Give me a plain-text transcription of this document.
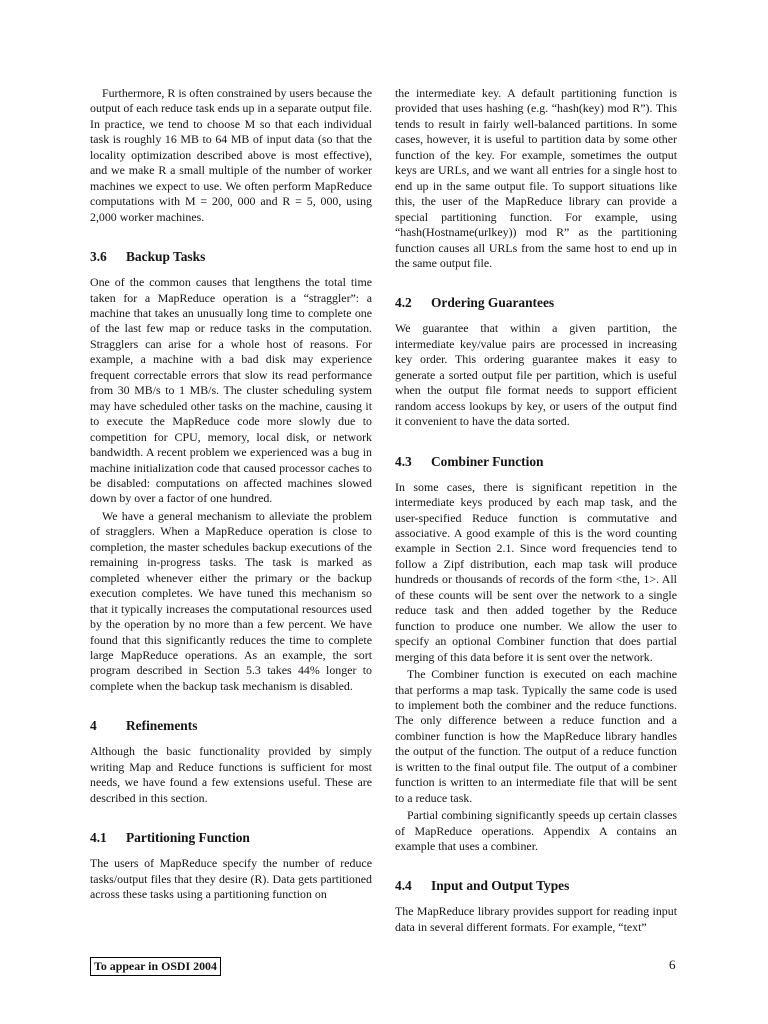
Furthermore, R is often constrained by users because the output of each reduce task ends up in a separate output file. In practice, we tend to choose M so that each individual task is roughly 16 MB to 64 MB of input data (so that the locality optimization described above is most effective), and we make R a small multiple of the number of worker machines we expect to use. We often perform MapReduce computations with M = 200, 000 and R = 5, 000, using 2,000 worker machines.

3.6 Backup Tasks

One of the common causes that lengthens the total time taken for a MapReduce operation is a “straggler”: a machine that takes an unusually long time to complete one of the last few map or reduce tasks in the computation. Stragglers can arise for a whole host of reasons. For example, a machine with a bad disk may experience frequent correctable errors that slow its read performance from 30 MB/s to 1 MB/s. The cluster scheduling system may have scheduled other tasks on the machine, causing it to execute the MapReduce code more slowly due to competition for CPU, memory, local disk, or network bandwidth. A recent problem we experienced was a bug in machine initialization code that caused processor caches to be disabled: computations on affected machines slowed down by over a factor of one hundred.

We have a general mechanism to alleviate the problem of stragglers. When a MapReduce operation is close to completion, the master schedules backup executions of the remaining in-progress tasks. The task is marked as completed whenever either the primary or the backup execution completes. We have tuned this mechanism so that it typically increases the computational resources used by the operation by no more than a few percent. We have found that this significantly reduces the time to complete large MapReduce operations. As an example, the sort program described in Section 5.3 takes 44% longer to complete when the backup task mechanism is disabled.

4 Refinements

Although the basic functionality provided by simply writing Map and Reduce functions is sufficient for most needs, we have found a few extensions useful. These are described in this section.

4.1 Partitioning Function

The users of MapReduce specify the number of reduce tasks/output files that they desire (R). Data gets partitioned across these tasks using a partitioning function on

the intermediate key. A default partitioning function is provided that uses hashing (e.g. “hash(key) mod R”). This tends to result in fairly well-balanced partitions. In some cases, however, it is useful to partition data by some other function of the key. For example, sometimes the output keys are URLs, and we want all entries for a single host to end up in the same output file. To support situations like this, the user of the MapReduce library can provide a special partitioning function. For example, using “hash(Hostname(urlkey)) mod R” as the partitioning function causes all URLs from the same host to end up in the same output file.

4.2 Ordering Guarantees

We guarantee that within a given partition, the intermediate key/value pairs are processed in increasing key order. This ordering guarantee makes it easy to generate a sorted output file per partition, which is useful when the output file format needs to support efficient random access lookups by key, or users of the output find it convenient to have the data sorted.

4.3 Combiner Function

In some cases, there is significant repetition in the intermediate keys produced by each map task, and the user-specified Reduce function is commutative and associative. A good example of this is the word counting example in Section 2.1. Since word frequencies tend to follow a Zipf distribution, each map task will produce hundreds or thousands of records of the form <the, 1>. All of these counts will be sent over the network to a single reduce task and then added together by the Reduce function to produce one number. We allow the user to specify an optional Combiner function that does partial merging of this data before it is sent over the network.

The Combiner function is executed on each machine that performs a map task. Typically the same code is used to implement both the combiner and the reduce functions. The only difference between a reduce function and a combiner function is how the MapReduce library handles the output of the function. The output of a reduce function is written to the final output file. The output of a combiner function is written to an intermediate file that will be sent to a reduce task.

Partial combining significantly speeds up certain classes of MapReduce operations. Appendix A contains an example that uses a combiner.

4.4 Input and Output Types

The MapReduce library provides support for reading input data in several different formats. For example, “text”

To appear in OSDI 2004	6
